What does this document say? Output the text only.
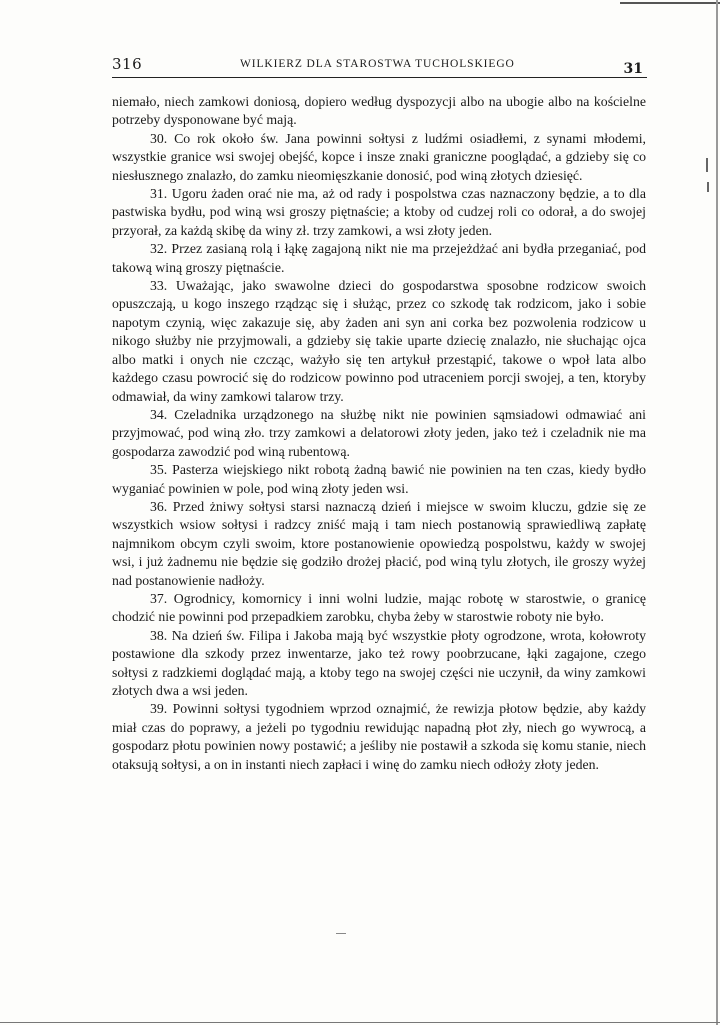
316	WILKIERZ DLA STAROSTWA TUCHOLSKIEGO	31

niemało, niech zamkowi doniosą, dopiero według dyspozycji albo na ubogie albo na kościelne potrzeby dysponowane być mają.

30. Co rok około św. Jana powinni sołtysi z ludźmi osiadłemi, z synami młodemi, wszystkie granice wsi swojej obejść, kopce i insze znaki graniczne pooglądać, a gdzieby się co niesłusznego znalazło, do zamku nieomięszkanie donosić, pod winą złotych dziesięć.

31. Ugoru żaden orać nie ma, aż od rady i pospolstwa czas naznaczony będzie, a to dla pastwiska bydłu, pod winą wsi groszy piętnaście; a ktoby od cudzej roli co odorał, a do swojej przyorał, za każdą skibę da winy zł. trzy zamkowi, a wsi złoty jeden.

32. Przez zasianą rolą i łąkę zagajoną nikt nie ma przejeżdżać ani bydła przeganiać, pod takową winą groszy piętnaście.

33. Uważając, jako swawolne dzieci do gospodarstwa sposobne rodzicow swoich opuszczają, u kogo inszego rządząc się i służąc, przez co szkodę tak rodzicom, jako i sobie napotym czynią, więc zakazuje się, aby żaden ani syn ani corka bez pozwolenia rodzicow u nikogo służby nie przyjmowali, a gdzieby się takie uparte dziecię znalazło, nie słuchając ojca albo matki i onych nie czcząc, ważyło się ten artykuł przestąpić, takowe o wpoł lata albo każdego czasu powrocić się do rodzicow powinno pod utraceniem porcji swojej, a ten, ktoryby odmawiał, da winy zamkowi talarow trzy.

34. Czeladnika urządzonego na służbę nikt nie powinien sąmsiadowi odmawiać ani przyjmować, pod winą zło. trzy zamkowi a delatorowi złoty jeden, jako też i czeladnik nie ma gospodarza zawodzić pod winą rubentową.

35. Pasterza wiejskiego nikt robotą żadną bawić nie powinien na ten czas, kiedy bydło wyganiać powinien w pole, pod winą złoty jeden wsi.

36. Przed żniwy sołtysi starsi naznaczą dzień i miejsce w swoim kluczu, gdzie się ze wszystkich wsiow sołtysi i radzcy zniść mają i tam niech postanowią sprawiedliwą zapłatę najmnikom obcym czyli swoim, ktore postanowienie opowiedzą pospolstwu, każdy w swojej wsi, i już żadnemu nie będzie się godziło drożej płacić, pod winą tylu złotych, ile groszy wyżej nad postanowienie nadłoży.

37. Ogrodnicy, komornicy i inni wolni ludzie, mając robotę w starostwie, o granicę chodzić nie powinni pod przepadkiem zarobku, chyba żeby w starostwie roboty nie było.

38. Na dzień św. Filipa i Jakoba mają być wszystkie płoty ogrodzone, wrota, kołowroty postawione dla szkody przez inwentarze, jako też rowy poobrzucane, łąki zagajone, czego sołtysi z radzkiemi doglądać mają, a ktoby tego na swojej części nie uczynił, da winy zamkowi złotych dwa a wsi jeden.

39. Powinni sołtysi tygodniem wprzod oznajmić, że rewizja płotow będzie, aby każdy miał czas do poprawy, a jeżeli po tygodniu rewidując napadną płot zły, niech go wywrocą, a gospodarz płotu powinien nowy postawić; a jeśliby nie postawił a szkoda się komu stanie, niech otaksują sołtysi, a on in instanti niech zapłaci i winę do zamku niech odłoży złoty jeden.
